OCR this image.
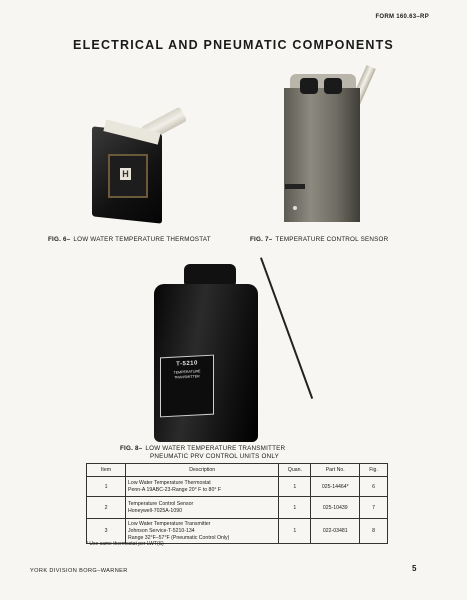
FORM 160.63–RP
ELECTRICAL AND PNEUMATIC COMPONENTS
H
FIG. 6– LOW WATER TEMPERATURE THERMOSTAT	FIG. 7– TEMPERATURE CONTROL SENSOR
T-5210
TEMPERATURE TRANSMITTER
FIG. 8– LOW WATER TEMPERATURE TRANSMITTER
PNEUMATIC PRV CONTROL UNITS ONLY
Item	Description	Quan.	Part No.	Fig.
1	Low Water Temperature Thermostat
Penn-A 19ABC-23-Range 20° F to 80° F	1	025-14464*	6
2	Temperature Control Sensor
Honeywell-7025A-1090	1	025-10439	7
3	Low Water Temperature Transmitter
Johnson Service-T-5210-134
Range 32°F–57°F (Pneumatic Control Only)	1	022-03481	8
* Use same thermostat per LWT(S)
YORK DIVISION BORG–WARNER	5
